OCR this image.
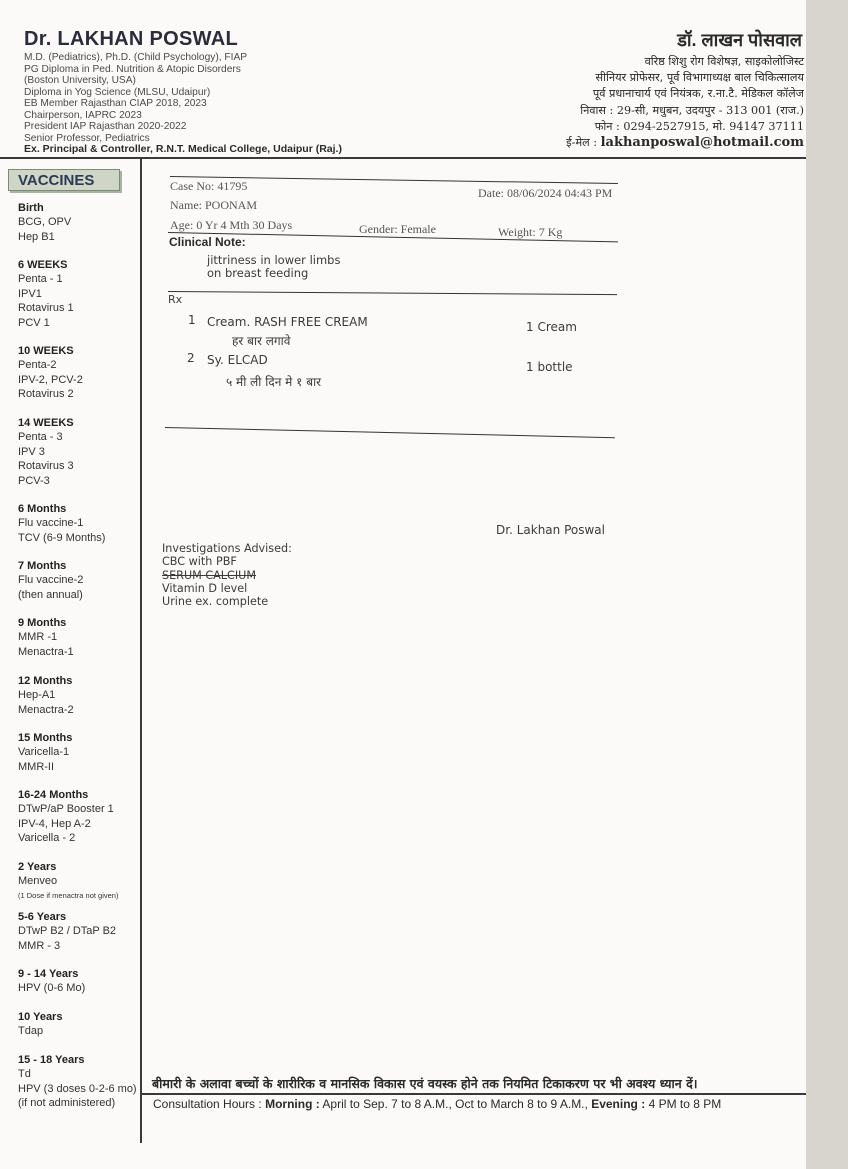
Dr. LAKHAN POSWAL
M.D. (Pediatrics), Ph.D. (Child Psychology), FIAP
PG Diploma in Ped. Nutrition & Atopic Disorders
(Boston University, USA)
Diploma in Yog Science (MLSU, Udaipur)
EB Member Rajasthan CIAP 2018, 2023
Chairperson, IAPRC 2023
President IAP Rajasthan 2020-2022
Senior Professor, Pediatrics
Ex. Principal & Controller, R.N.T. Medical College, Udaipur (Raj.)
डॉ. लाखन पोसवाल
वरिष्ठ शिशु रोग विशेषज्ञ, साइकोलोजिस्ट
सीनियर प्रोफेसर, पूर्व विभागाध्यक्ष बाल चिकित्सालय
पूर्व प्रधानाचार्य एवं नियंत्रक, र.ना.टै. मेडिकल कॉलेज
निवास : 29-सी, मधुबन, उदयपुर - 313 001 (राज.)
फोन : 0294-2527915, मो. 94147 37111
ई-मेल : lakhanposwal@hotmail.com
VACCINES
Birth
BCG, OPV
Hep B1
6 WEEKS
Penta - 1
IPV1
Rotavirus 1
PCV 1
10 WEEKS
Penta-2
IPV-2, PCV-2
Rotavirus 2
14 WEEKS
Penta - 3
IPV 3
Rotavirus 3
PCV-3
6 Months
Flu vaccine-1
TCV (6-9 Months)
7 Months
Flu vaccine-2
(then annual)
9 Months
MMR -1
Menactra-1
12 Months
Hep-A1
Menactra-2
15 Months
Varicella-1
MMR-II
16-24 Months
DTwP/aP Booster 1
IPV-4, Hep A-2
Varicella - 2
2 Years
Menveo
(1 Dose if menactra not given)
5-6 Years
DTwP B2 / DTaP B2
MMR - 3
9 - 14 Years
HPV (0-6 Mo)
10 Years
Tdap
15 - 18 Years
Td
HPV (3 doses 0-2-6 mo)
(if not administered)
Case No: 41795	Date: 08/06/2024 04:43 PM
Name: POONAM
Age: 0 Yr 4 Mth 30 Days	Gender: Female	Weight: 7 Kg
Clinical Note:
jittriness in lower limbs
on breast feeding
Rx
1 Cream. RASH FREE CREAM
हर बार लगावे
1 Cream
2 Sy. ELCAD
५ मी ली दिन मे १ बार
1 bottle
Dr. Lakhan Poswal
Investigations Advised:
CBC with PBF
SERUM CALCIUM
Vitamin D level
Urine ex. complete
बीमारी के अलावा बच्चों के शारीरिक व मानसिक विकास एवं वयस्क होने तक नियमित टिकाकरण पर भी अवश्य ध्यान दें।
Consultation Hours : Morning : April to Sep. 7 to 8 A.M., Oct to March 8 to 9 A.M., Evening : 4 PM to 8 PM
